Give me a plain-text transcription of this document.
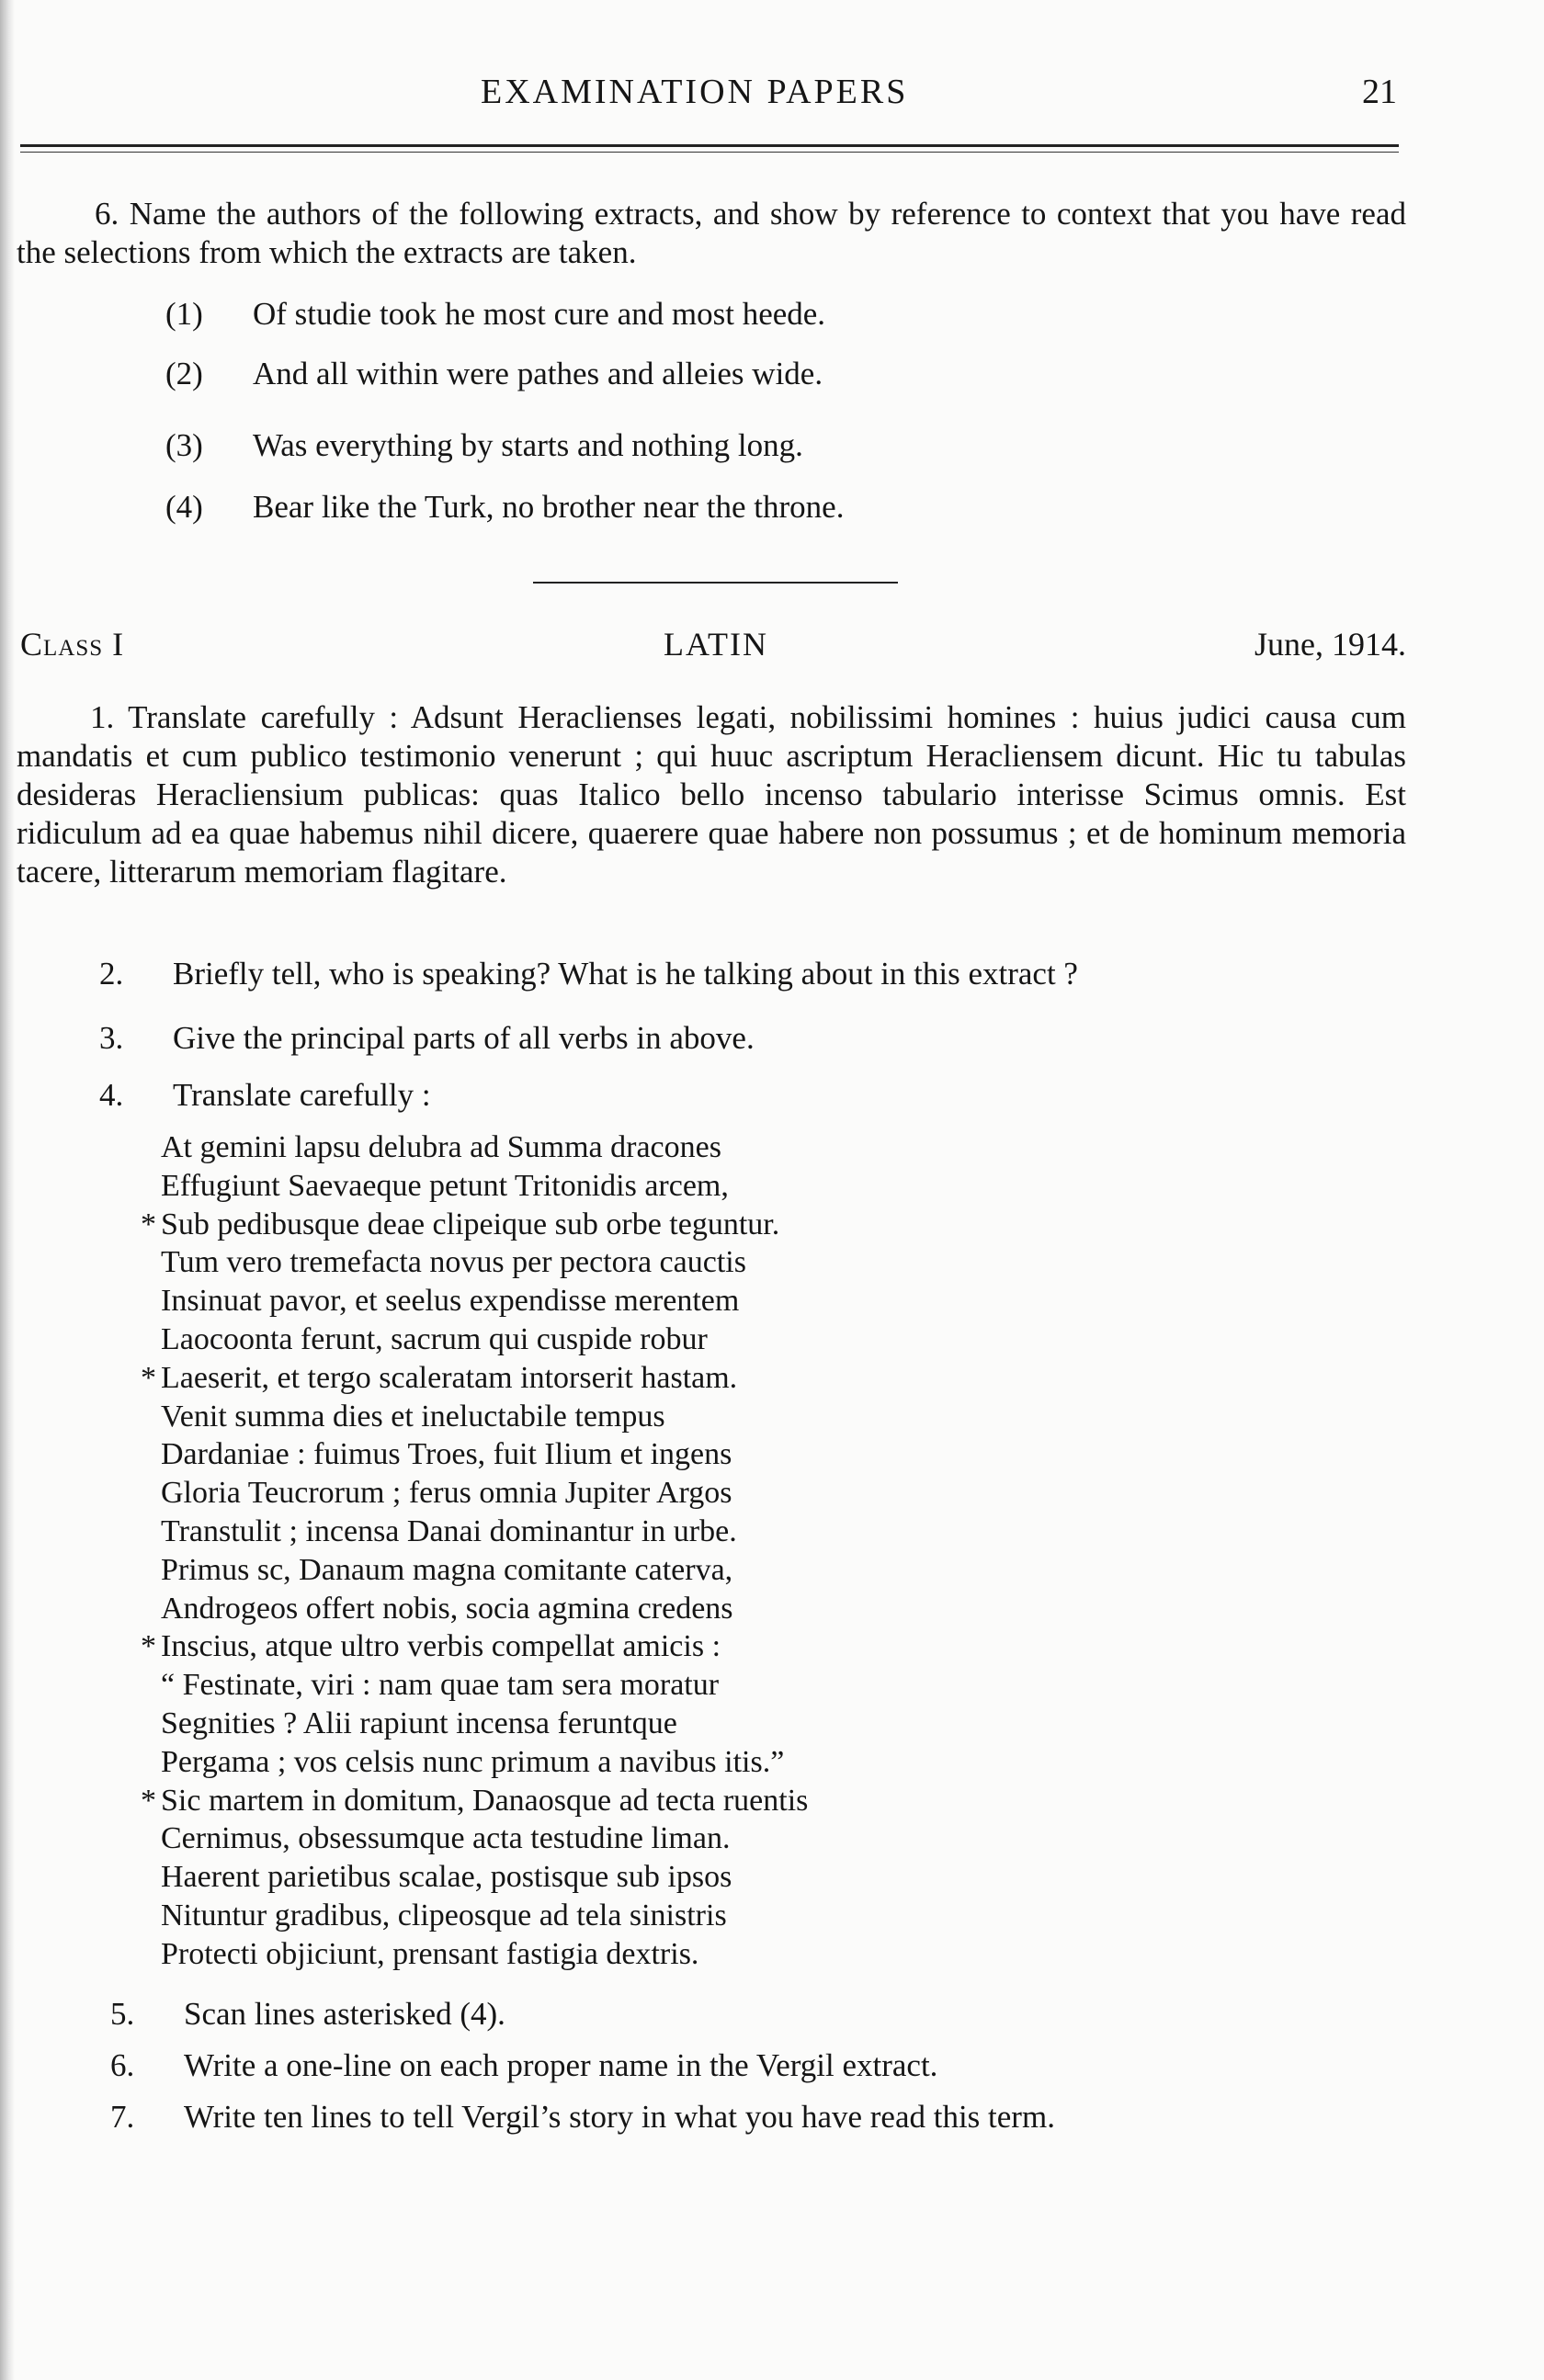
EXAMINATION PAPERS	21
6. Name the authors of the following extracts, and show by reference to context that you have read the selections from which the extracts are taken.
(1) Of studie took he most cure and most heede.
(2) And all within were pathes and alleies wide.
(3) Was everything by starts and nothing long.
(4) Bear like the Turk, no brother near the throne.
Class I	LATIN	June, 1914.
1. Translate carefully : Adsunt Heraclienses legati, nobilissimi homines : huius judici causa cum mandatis et cum publico testimonio venerunt ; qui huuc ascriptum Heracliensem dicunt. Hic tu tabulas desideras Heracliensium publicas: quas Italico bello incenso tabulario interisse Scimus omnis. Est ridiculum ad ea quae habemus nihil dicere, quaerere quae habere non possumus ; et de hominum memoria tacere, litterarum memoriam flagitare.
2. Briefly tell, who is speaking? What is he talking about in this extract ?
3. Give the principal parts of all verbs in above.
4. Translate carefully :
At gemini lapsu delubra ad Summa dracones
Effugiunt Saevaeque petunt Tritonidis arcem,
* Sub pedibusque deae clipeique sub orbe teguntur.
Tum vero tremefacta novus per pectora cauctis
Insinuat pavor, et seelus expendisse merentem
Laocoonta ferunt, sacrum qui cuspide robur
* Laeserit, et tergo scaleratam intorserit hastam.
Venit summa dies et ineluctabile tempus
Dardaniae : fuimus Troes, fuit Ilium et ingens
Gloria Teucrorum ; ferus omnia Jupiter Argos
Transtulit ; incensa Danai dominantur in urbe.
Primus sc, Danaum magna comitante caterva,
Androgeos offert nobis, socia agmina credens
* Inscius, atque ultro verbis compellat amicis :
“ Festinate, viri : nam quae tam sera moratur
Segnities ? Alii rapiunt incensa feruntque
Pergama ; vos celsis nunc primum a navibus itis.”
* Sic martem in domitum, Danaosque ad tecta ruentis
Cernimus, obsessumque acta testudine liman.
Haerent parietibus scalae, postisque sub ipsos
Nituntur gradibus, clipeosque ad tela sinistris
Protecti objiciunt, prensant fastigia dextris.
5. Scan lines asterisked (4).
6. Write a one-line on each proper name in the Vergil extract.
7. Write ten lines to tell Vergil’s story in what you have read this term.
